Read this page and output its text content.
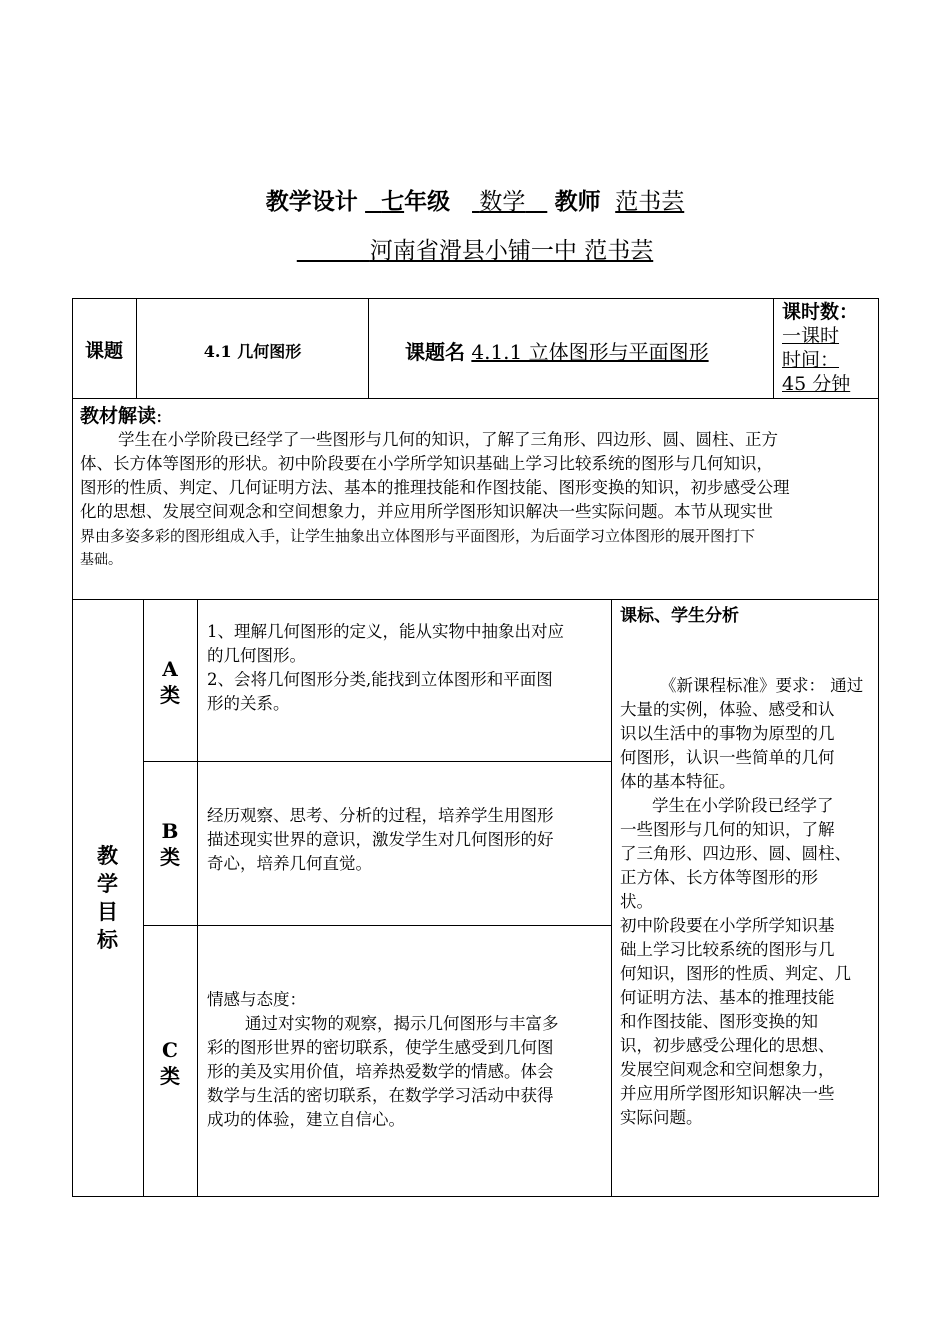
教学设计 七年级 数学 教师 范书芸
河南省滑县小铺一中 范书芸
课题	4.1 几何图形	课题名 4.1.1 立体图形与平面图形
课时数：
一课时
时间：
45 分钟
教材解读:
学生在小学阶段已经学了一些图形与几何的知识，了解了三角形、四边形、圆、圆柱、正方
体、长方体等图形的形状。初中阶段要在小学所学知识基础上学习比较系统的图形与几何知识，
图形的性质、判定、几何证明方法、基本的推理技能和作图技能、图形变换的知识，初步感受公理
化的思想、发展空间观念和空间想象力，并应用所学图形知识解决一些实际问题。本节从现实世
界由多姿多彩的图形组成入手，让学生抽象出立体图形与平面图形，为后面学习立体图形的展开图打下
基础。
教
学
目
标
A
类
B
类
C
类
1、理解几何图形的定义，能从实物中抽象出对应
的几何图形。
2、会将几何图形分类,能找到立体图形和平面图
形的关系。
经历观察、思考、分析的过程，培养学生用图形
描述现实世界的意识，激发学生对几何图形的好
奇心，培养几何直觉。
情感与态度：
通过对实物的观察，揭示几何图形与丰富多
彩的图形世界的密切联系，使学生感受到几何图
形的美及实用价值，培养热爱数学的情感。体会
数学与生活的密切联系，在数学学习活动中获得
成功的体验，建立自信心。
课标、学生分析
《新课程标准》要求： 通过
大量的实例，体验、感受和认
识以生活中的事物为原型的几
何图形，认识一些简单的几何
体的基本特征。
学生在小学阶段已经学了
一些图形与几何的知识，了解
了三角形、四边形、圆、圆柱、
正方体、长方体等图形的形
状。
初中阶段要在小学所学知识基
础上学习比较系统的图形与几
何知识，图形的性质、判定、几
何证明方法、基本的推理技能
和作图技能、图形变换的知
识，初步感受公理化的思想、
发展空间观念和空间想象力，
并应用所学图形知识解决一些
实际问题。
